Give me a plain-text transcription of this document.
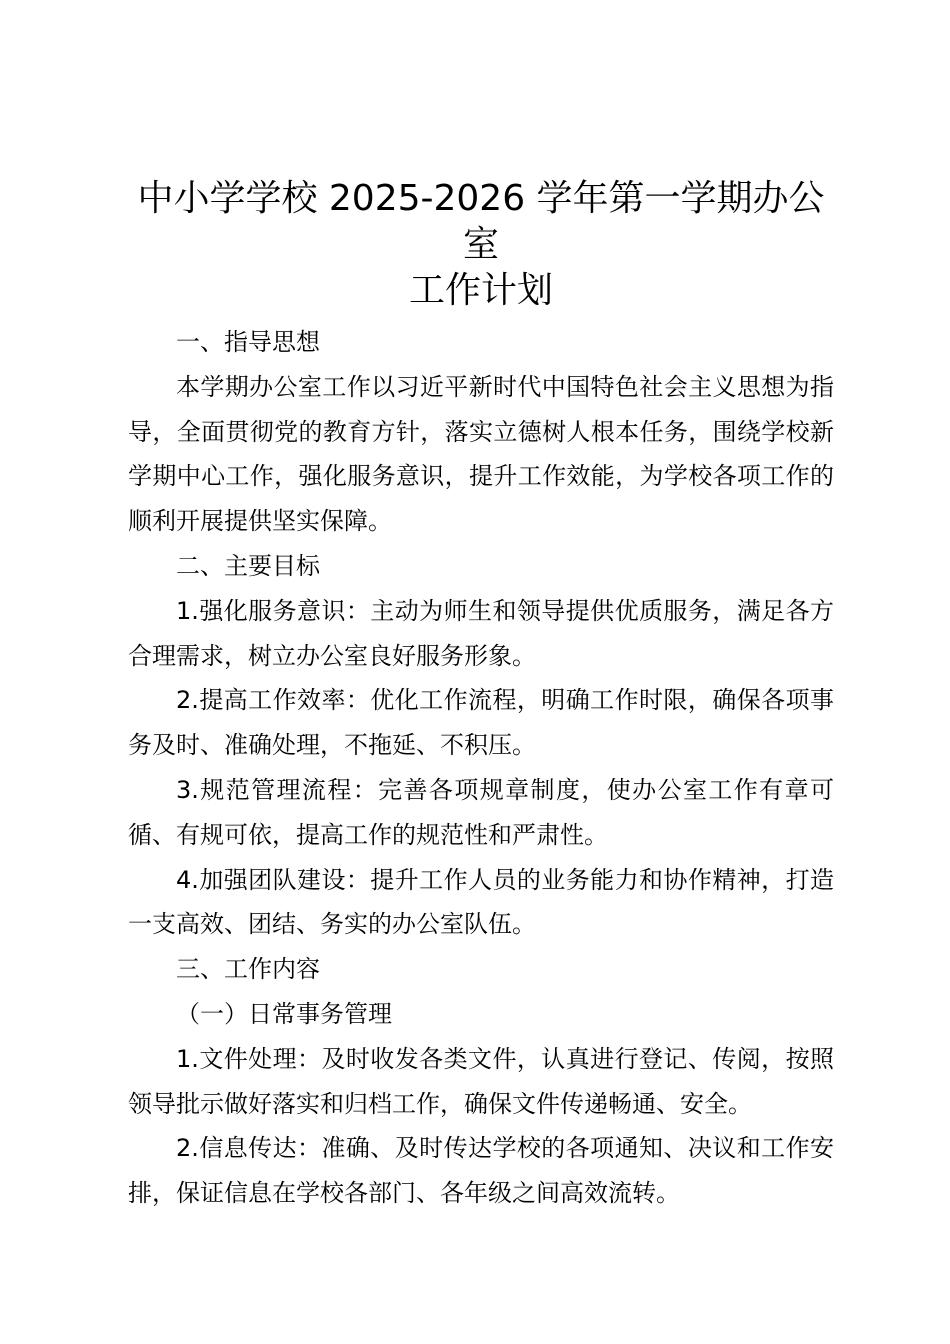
中小学学校 2025-2026 学年第一学期办公室
工作计划

一、指导思想

本学期办公室工作以习近平新时代中国特色社会主义思想为指导，全面贯彻党的教育方针，落实立德树人根本任务，围绕学校新学期中心工作，强化服务意识，提升工作效能，为学校各项工作的顺利开展提供坚实保障。

二、主要目标

1.强化服务意识：主动为师生和领导提供优质服务，满足各方合理需求，树立办公室良好服务形象。

2.提高工作效率：优化工作流程，明确工作时限，确保各项事务及时、准确处理，不拖延、不积压。

3.规范管理流程：完善各项规章制度，使办公室工作有章可循、有规可依，提高工作的规范性和严肃性。

4.加强团队建设：提升工作人员的业务能力和协作精神，打造一支高效、团结、务实的办公室队伍。

三、工作内容

（一）日常事务管理

1.文件处理：及时收发各类文件，认真进行登记、传阅，按照领导批示做好落实和归档工作，确保文件传递畅通、安全。

2.信息传达：准确、及时传达学校的各项通知、决议和工作安排，保证信息在学校各部门、各年级之间高效流转。
